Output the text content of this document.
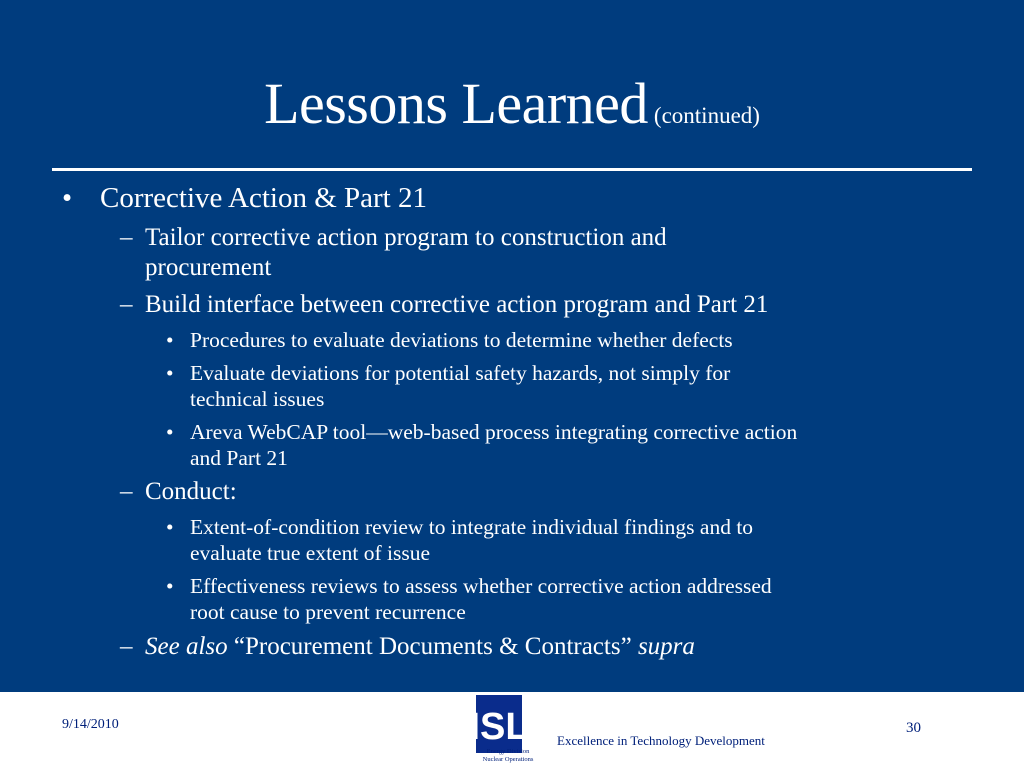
Lessons Learned (continued)
• Corrective Action & Part 21
– Tailor corrective action program to construction and
procurement
– Build interface between corrective action program and Part 21
• Procedures to evaluate deviations to determine whether defects
• Evaluate deviations for potential safety hazards, not simply for
technical issues
• Areva WebCAP tool—web-based process integrating corrective action
and Part 21
– Conduct:
• Extent-of-condition review to integrate individual findings and to
evaluate true extent of issue
• Effectiveness reviews to assess whether corrective action addressed
root cause to prevent recurrence
– See also “Procurement Documents & Contracts” supra
9/14/2010	ISL
Energy Division
Nuclear Operations
Excellence in Technology Development
30
